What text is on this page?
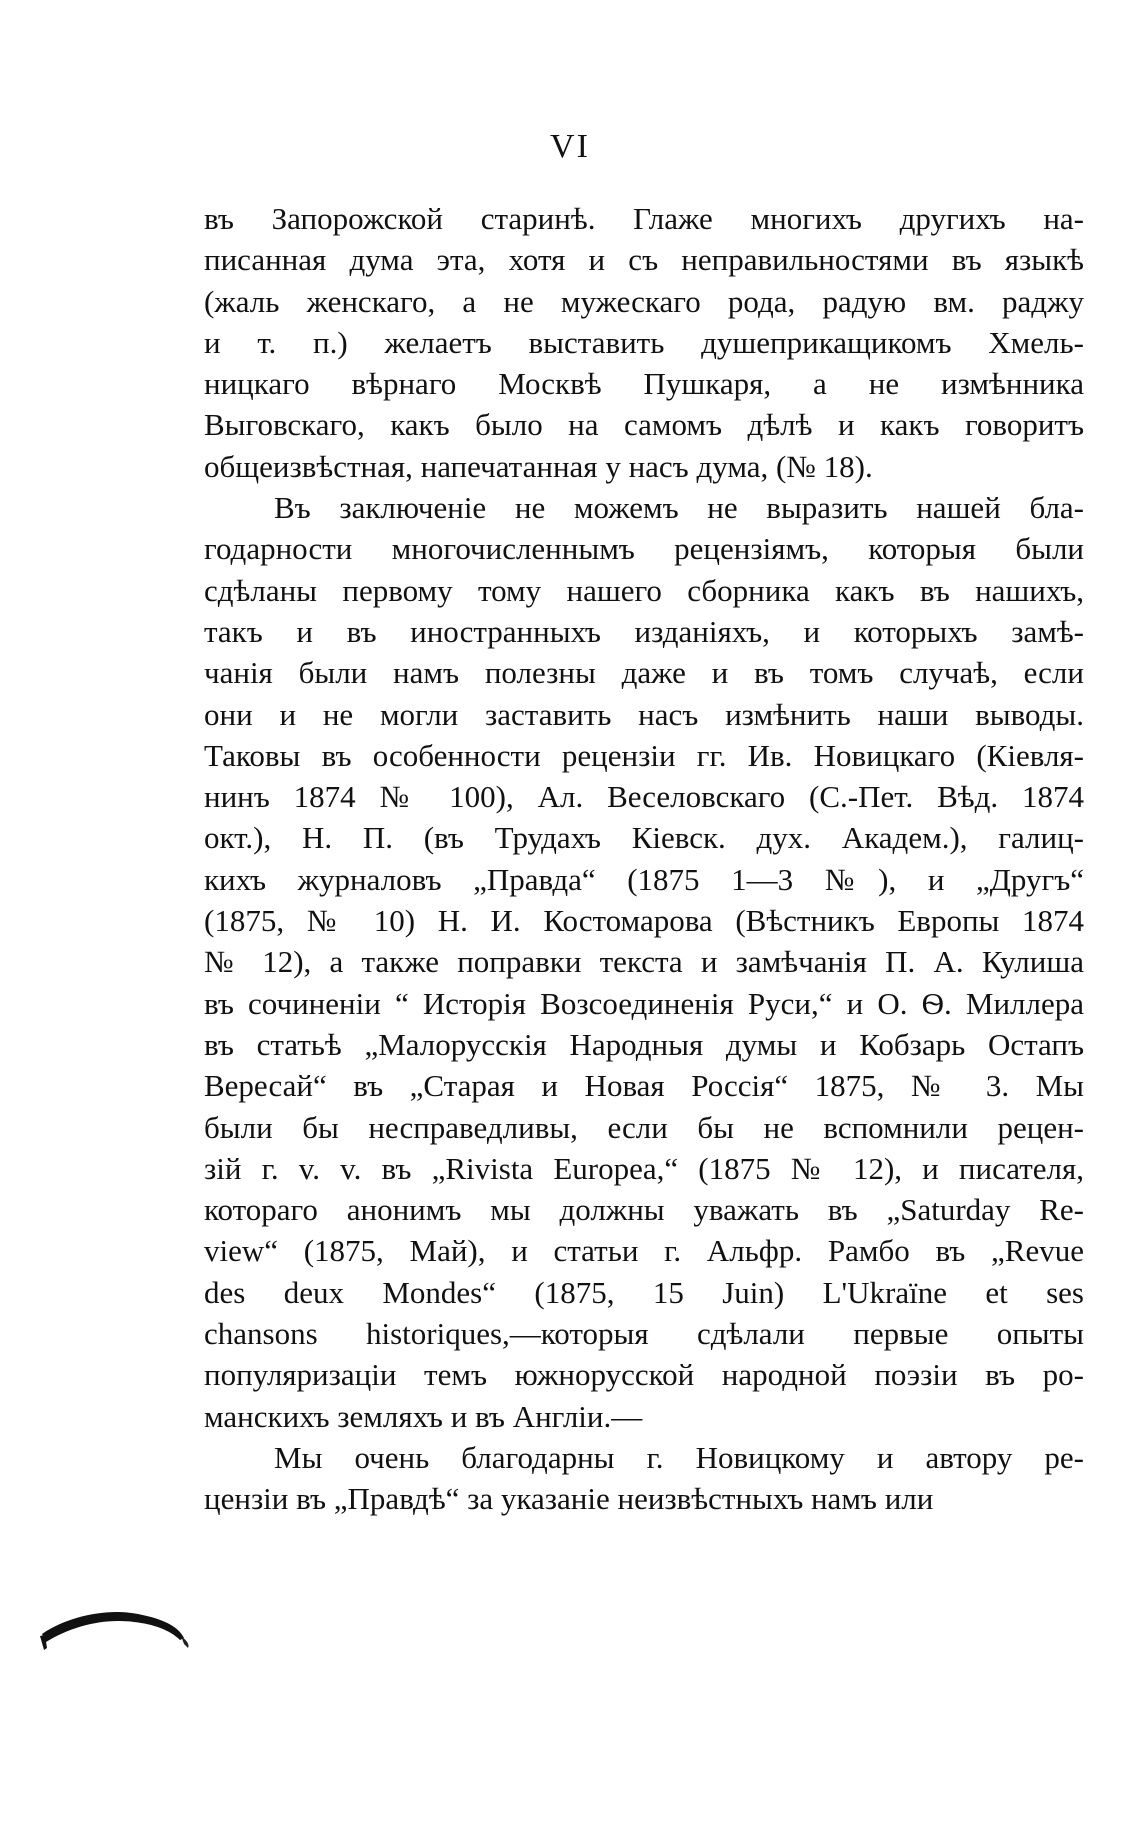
VI
въ Запорожской старинѣ. Глаже многихъ другихъ на-
писанная дума эта, хотя и съ неправильностями въ языкѣ
(жаль женскаго, а не мужескаго рода, радую вм. раджу
и т. п.) желаетъ выставить душеприкащикомъ Хмель-
ницкаго вѣрнаго Москвѣ Пушкаря, а не измѣнника
Выговскаго, какъ было на самомъ дѣлѣ и какъ говоритъ
общеизвѣстная, напечатанная у насъ дума, (№ 18).
Въ заключеніе не можемъ не выразить нашей бла-
годарности многочисленнымъ рецензіямъ, которыя были
сдѣланы первому тому нашего сборника какъ въ нашихъ,
такъ и въ иностранныхъ изданіяхъ, и которыхъ замѣ-
чанія были намъ полезны даже и въ томъ случаѣ, если
они и не могли заставить насъ измѣнить наши выводы.
Таковы въ особенности рецензіи гг. Ив. Новицкаго (Кіевля-
нинъ 1874 № 100), Ал. Веселовскаго (С.-Пет. Вѣд. 1874
окт.), Н. П. (въ Трудахъ Кіевск. дух. Академ.), галиц-
кихъ журналовъ „Правда“ (1875 1—3 №), и „Другъ“
(1875, № 10) Н. И. Костомарова (Вѣстникъ Европы 1874
№ 12), а также поправки текста и замѣчанія П. А. Кулиша
въ сочиненіи “ Исторія Возсоединенія Руси,“ и О. Ѳ. Миллера
въ статьѣ „Малорусскія Народныя думы и Кобзарь Остапъ
Вересай“ въ „Старая и Новая Россія“ 1875, № 3. Мы
были бы несправедливы, если бы не вспомнили рецен-
зій г. v. v. въ „Rivista Europea,“ (1875 № 12), и писателя,
котораго анонимъ мы должны уважать въ „Saturday Re-
view“ (1875, Май), и статьи г. Альфр. Рамбо въ „Revue
des deux Mondes“ (1875, 15 Juin) L'Ukraïne et ses
chansons historiques,—которыя сдѣлали первые опыты
популяризаціи темъ южнорусской народной поэзіи въ ро-
манскихъ земляхъ и въ Англіи.—
Мы очень благодарны г. Новицкому и автору ре-
цензіи въ „Правдѣ“ за указаніе неизвѣстныхъ намъ или
